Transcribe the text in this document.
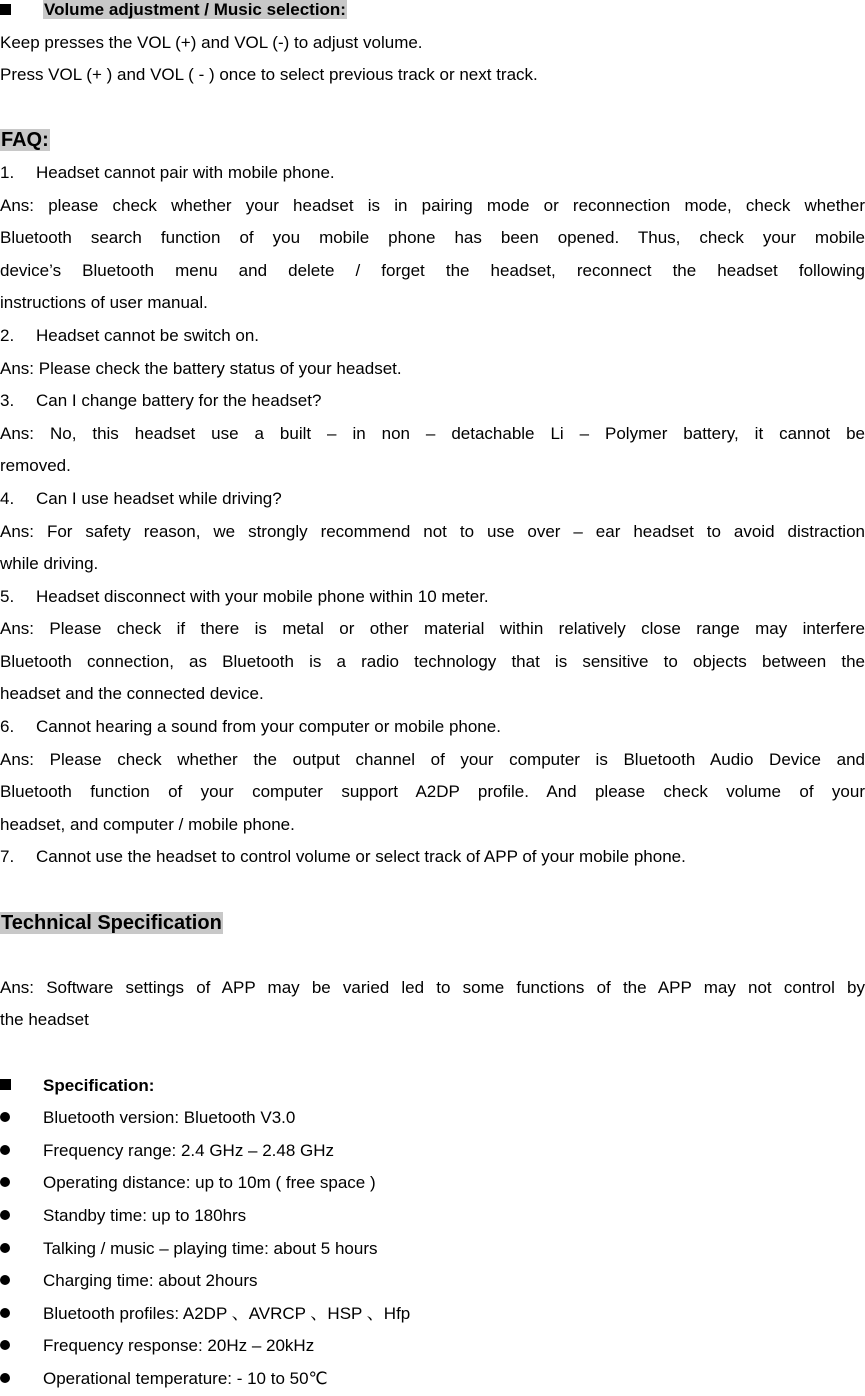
Volume adjustment / Music selection:
Keep presses the VOL (+) and VOL (-) to adjust volume.
Press VOL (+ ) and VOL ( - ) once to select previous track or next track.
FAQ:
1. Headset cannot pair with mobile phone.
Ans: please check whether your headset is in pairing mode or reconnection mode, check whether
Bluetooth search function of you mobile phone has been opened. Thus, check your mobile
device’s Bluetooth menu and delete / forget the headset, reconnect the headset following
instructions of user manual.
2. Headset cannot be switch on.
Ans: Please check the battery status of your headset.
3. Can I change battery for the headset?
Ans: No, this headset use a built – in non – detachable Li – Polymer battery, it cannot be
removed.
4. Can I use headset while driving?
Ans: For safety reason, we strongly recommend not to use over – ear headset to avoid distraction
while driving.
5. Headset disconnect with your mobile phone within 10 meter.
Ans: Please check if there is metal or other material within relatively close range may interfere
Bluetooth connection, as Bluetooth is a radio technology that is sensitive to objects between the
headset and the connected device.
6. Cannot hearing a sound from your computer or mobile phone.
Ans: Please check whether the output channel of your computer is Bluetooth Audio Device and
Bluetooth function of your computer support A2DP profile. And please check volume of your
headset, and computer / mobile phone.
7. Cannot use the headset to control volume or select track of APP of your mobile phone.
Technical Specification
Ans: Software settings of APP may be varied led to some functions of the APP may not control by
the headset
Specification:
Bluetooth version: Bluetooth V3.0
Frequency range: 2.4 GHz – 2.48 GHz
Operating distance: up to 10m ( free space )
Standby time: up to 180hrs
Talking / music – playing time: about 5 hours
Charging time: about 2hours
Bluetooth profiles: A2DP 、AVRCP 、HSP 、Hfp
Frequency response: 20Hz – 20kHz
Operational temperature: - 10 to 50℃
